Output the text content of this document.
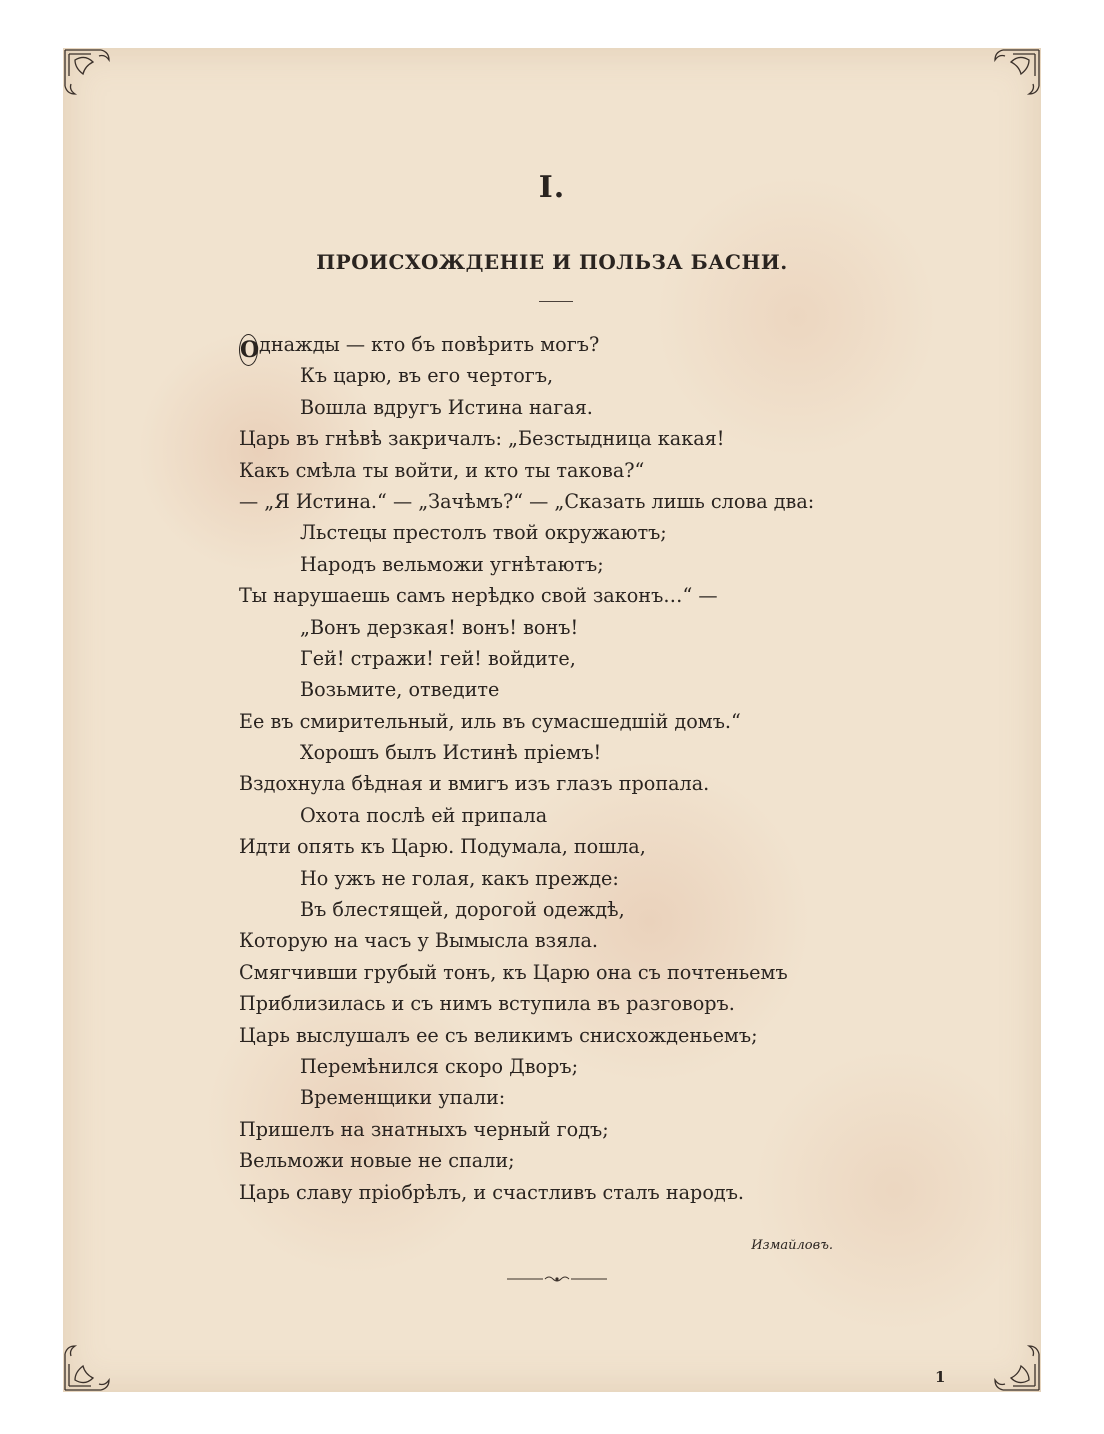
I.
ПРОИСХОЖДЕНІЕ И ПОЛЬЗА БАСНИ.
О днажды — кто бъ повѣрить могъ?
Къ царю, въ его чертогъ,
Вошла вдругъ Истина нагая.
Царь въ гнѣвѣ закричалъ: „Безстыдница какая!
Какъ смѣла ты войти, и кто ты такова?“
— „Я Истина.“ — „Зачѣмъ?“ — „Сказать лишь слова два:
Льстецы престолъ твой окружаютъ;
Народъ вельможи угнѣтаютъ;
Ты нарушаешь самъ нерѣдко свой законъ…“ —
„Вонъ дерзкая! вонъ! вонъ!
Гей! стражи! гей! войдите,
Возьмите, отведите
Ее въ смирительный, иль въ сумасшедшій домъ.“
Хорошъ былъ Истинѣ пріемъ!
Вздохнула бѣдная и вмигъ изъ глазъ пропала.
Охота послѣ ей припала
Идти опять къ Царю. Подумала, пошла,
Но ужъ не голая, какъ прежде:
Въ блестящей, дорогой одеждѣ,
Которую на часъ у Вымысла взяла.
Смягчивши грубый тонъ, къ Царю она съ почтеньемъ
Приблизилась и съ нимъ вступила въ разговоръ.
Царь выслушалъ ее съ великимъ снисхожденьемъ;
Перемѣнился скоро Дворъ;
Временщики упали:
Пришелъ на знатныхъ черный годъ;
Вельможи новые не спали;
Царь славу пріобрѣлъ, и счастливъ сталъ народъ.
Измайловъ.
1
